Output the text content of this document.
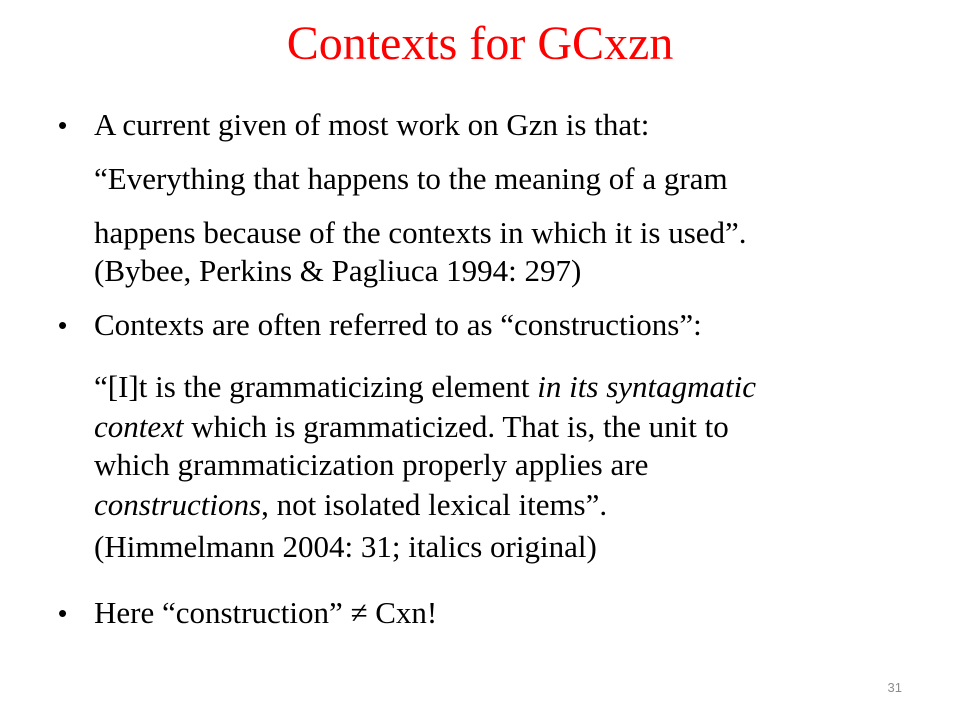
Contexts for GCxzn
• A current given of most work on Gzn is that:
“Everything that happens to the meaning of a gram
happens because of the contexts in which it is used”.
(Bybee, Perkins & Pagliuca 1994: 297)
• Contexts are often referred to as “constructions”:
“[I]t is the grammaticizing element in its syntagmatic
context which is grammaticized. That is, the unit to
which grammaticization properly applies are
constructions, not isolated lexical items”.
(Himmelmann 2004: 31; italics original)
• Here “construction” ≠ Cxn!
31
